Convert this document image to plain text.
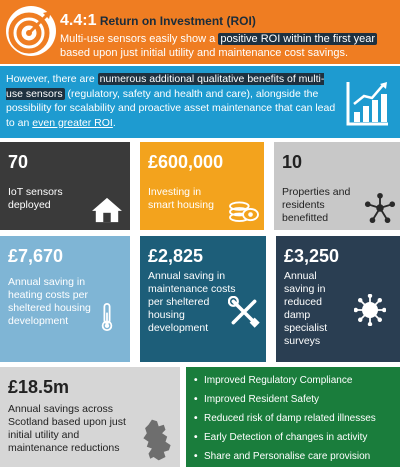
4.4:1 Return on Investment (ROI)
Multi-use sensors easily show a positive ROI within the first year based upon just initial utility and maintenance cost savings.
However, there are numerous additional qualitative benefits of multi-use sensors (regulatory, safety and health and care), alongside the possibility for scalability and proactive asset maintenance that can lead to an even greater ROI.
70
IoT sensors deployed
£600,000
Investing in smart housing
10
Properties and residents benefitted
£7,670
Annual saving in heating costs per sheltered housing development
£2,825
Annual saving in maintenance costs per sheltered housing development
£3,250
Annual saving in reduced damp specialist surveys
£18.5m
Annual savings across Scotland based upon just initial utility and maintenance reductions
• Improved Regulatory Compliance
• Improved Resident Safety
• Reduced risk of damp related illnesses
• Early Detection of changes in activity
• Share and Personalise care provision
